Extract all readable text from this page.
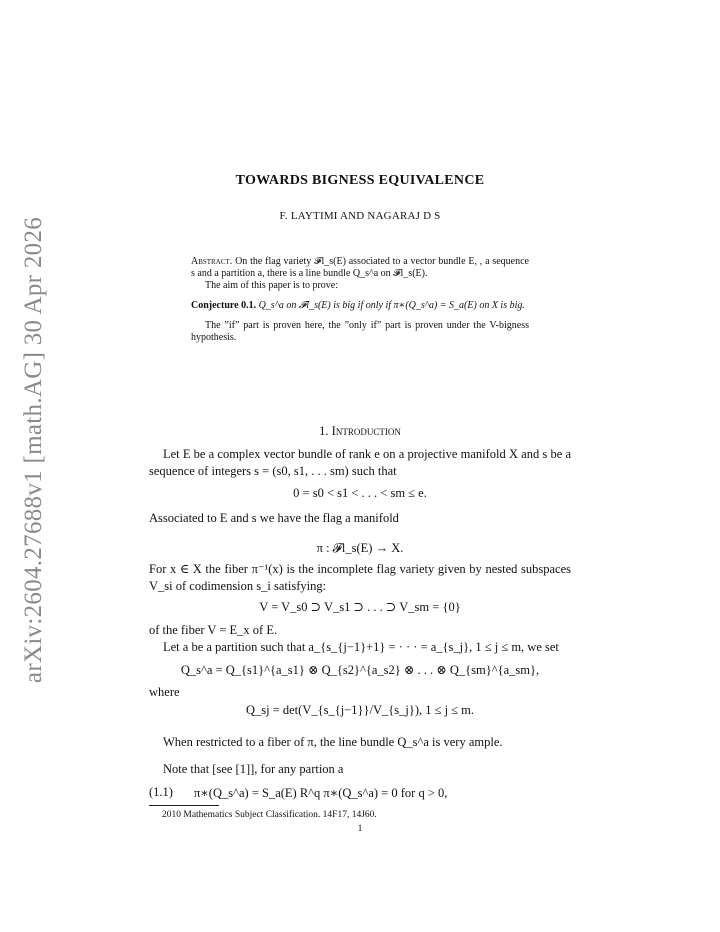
arXiv:2604.27688v1 [math.AG] 30 Apr 2026
TOWARDS BIGNESS EQUIVALENCE
F. LAYTIMI AND NAGARAJ D S

Abstract. On the flag variety 𝓕l_s(E) associated to a vector bundle E, , a sequence s and a partition a, there is a line bundle Q_s^a on 𝓕l_s(E).

The aim of this paper is to prove:

Conjecture 0.1. Q_s^a on 𝓕l_s(E) is big if only if π∗(Q_s^a) = S_a(E) on X is big.

The ”if” part is proven here, the ”only if” part is proven under the V-bigness hypothesis.

1. Introduction

Let E be a complex vector bundle of rank e on a projective manifold X and s be a sequence of integers s = (s0, s1, . . . sm) such that

0 = s0 < s1 < . . . < sm ≤ e.

Associated to E and s we have the flag a manifold

π : 𝓕l_s(E) → X.

For x ∈ X the fiber π⁻¹(x) is the incomplete flag variety given by nested subspaces V_si of codimension s_i satisfying:

V = V_s0 ⊃ V_s1 ⊃ . . . ⊃ V_sm = {0}

of the fiber V = E_x of E.

Let a be a partition such that a_{s_{j−1}+1} = · · · = a_{s_j}, 1 ≤ j ≤ m, we set

Q_s^a = Q_{s1}^{a_s1} ⊗ Q_{s2}^{a_s2} ⊗ . . . ⊗ Q_{sm}^{a_sm},

where

Q_sj = det(V_{s_{j−1}}/V_{s_j}), 1 ≤ j ≤ m.

When restricted to a fiber of π, the line bundle Q_s^a is very ample.

Note that [see [1]], for any partion a

(1.1) π∗(Q_s^a) = S_a(E) R^q π∗(Q_s^a) = 0 for q > 0,
2010 Mathematics Subject Classification. 14F17, 14J60.
1
